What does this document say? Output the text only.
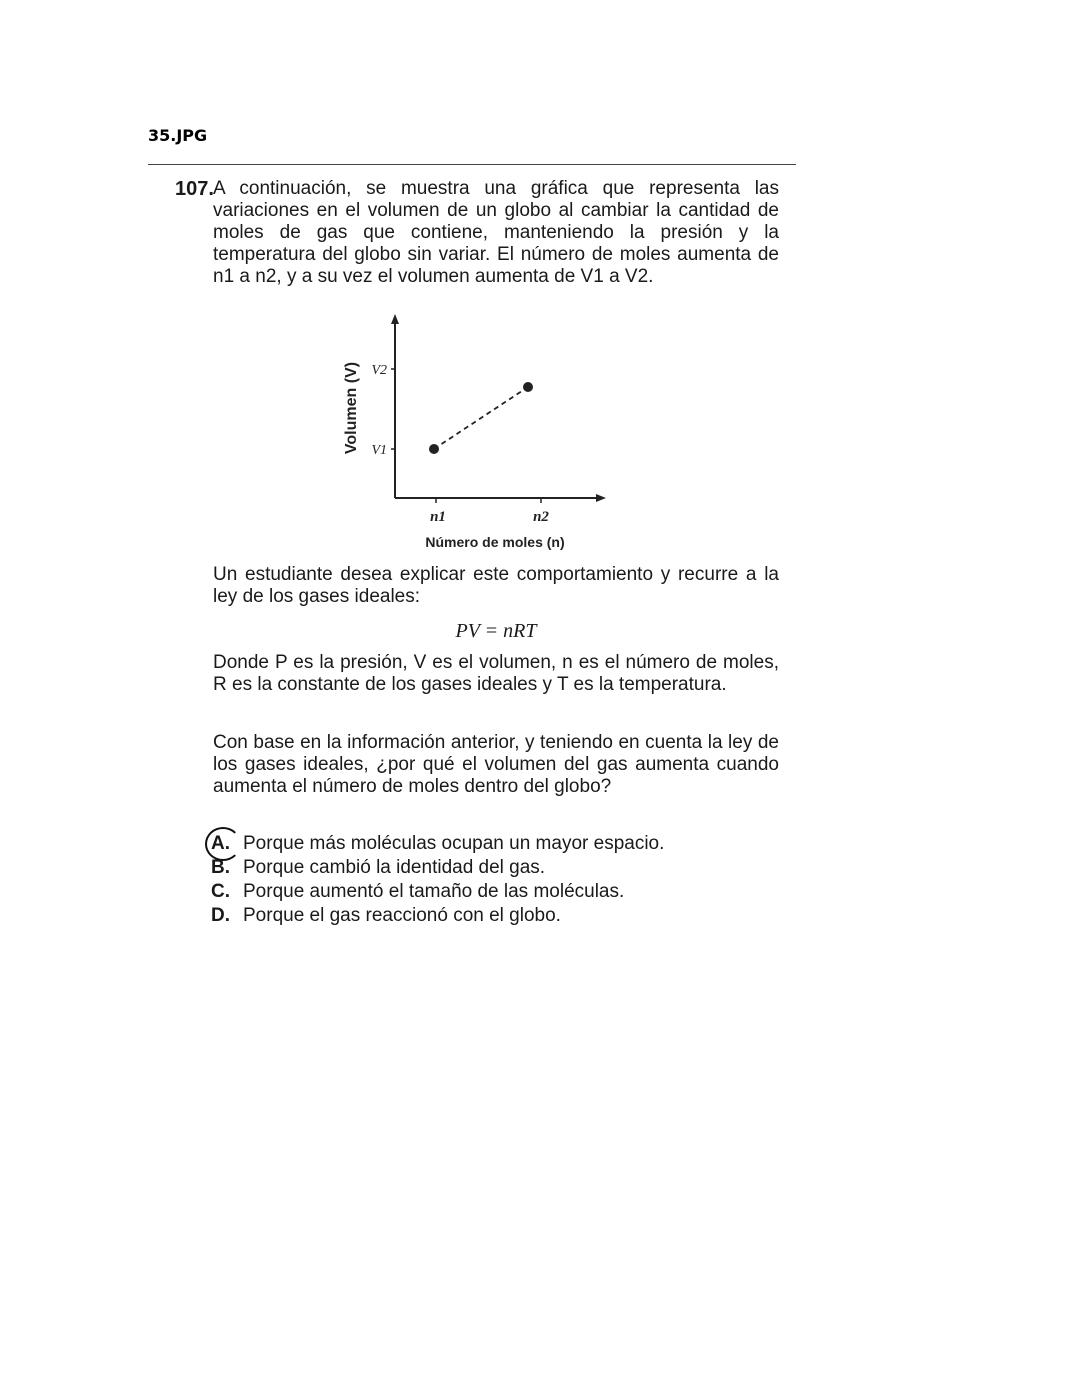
35.JPG
107. A continuación, se muestra una gráfica que representa las variaciones en el volumen de un globo al cambiar la cantidad de moles de gas que contiene, manteniendo la presión y la temperatura del globo sin variar. El número de moles aumenta de n1 a n2, y a su vez el volumen aumenta de V1 a V2.
V2
V1
n1	n2
Volumen (V)
Número de moles (n)
Un estudiante desea explicar este comportamiento y recurre a la ley de los gases ideales:
PV = nRT
Donde P es la presión, V es el volumen, n es el número de moles, R es la constante de los gases ideales y T es la temperatura.
Con base en la información anterior, y teniendo en cuenta la ley de los gases ideales, ¿por qué el volumen del gas aumenta cuando aumenta el número de moles dentro del globo?
A. Porque más moléculas ocupan un mayor espacio.
B. Porque cambió la identidad del gas.
C. Porque aumentó el tamaño de las moléculas.
D. Porque el gas reaccionó con el globo.
